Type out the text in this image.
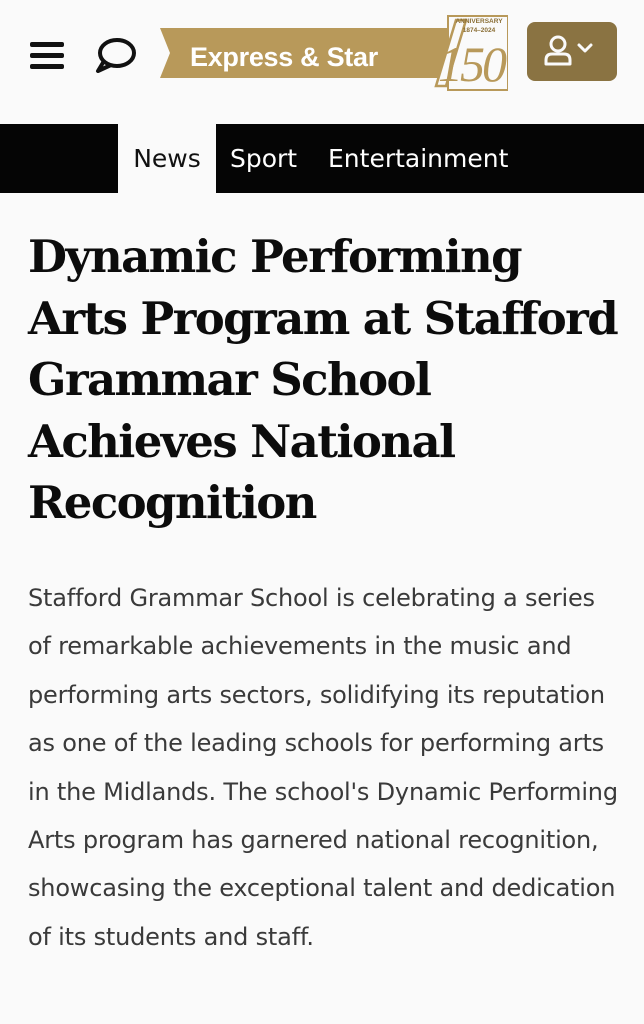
Express & Star
ANNIVERSARY
1874–2024
150
News	Sport Entertainment
Dynamic Performing Arts Program at Stafford Grammar School Achieves National Recognition

Stafford Grammar School is celebrating a series of remarkable achievements in the music and performing arts sectors, solidifying its reputation as one of the leading schools for performing arts in the Midlands. The school's Dynamic Performing Arts program has garnered national recognition, showcasing the exceptional talent and dedication of its students and staff.
